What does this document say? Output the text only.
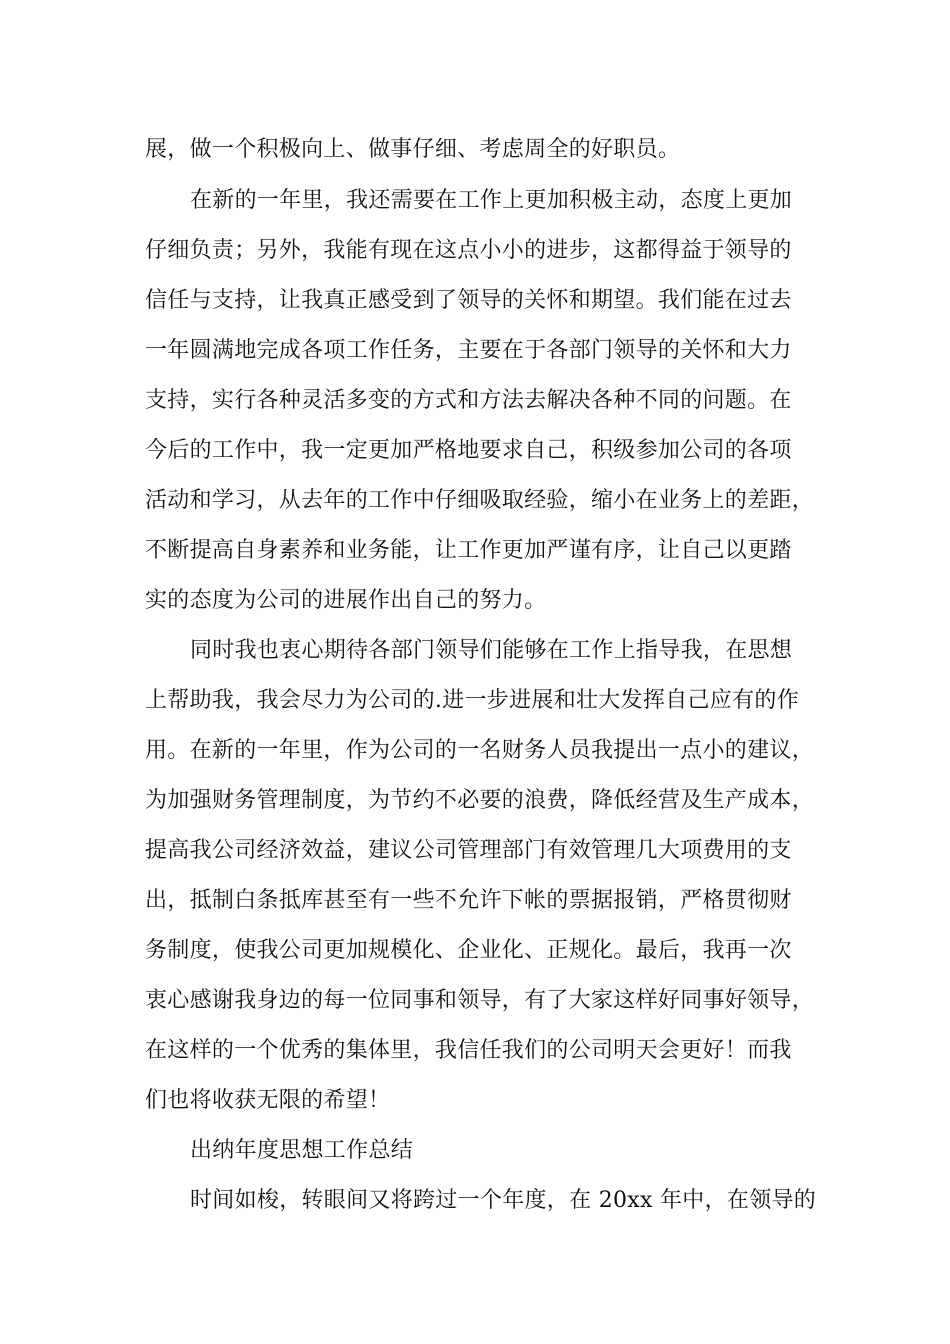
展，做一个积极向上、做事仔细、考虑周全的好职员。
在新的一年里，我还需要在工作上更加积极主动，态度上更加
仔细负责；另外，我能有现在这点小小的进步，这都得益于领导的
信任与支持，让我真正感受到了领导的关怀和期望。我们能在过去
一年圆满地完成各项工作任务，主要在于各部门领导的关怀和大力
支持，实行各种灵活多变的方式和方法去解决各种不同的问题。在
今后的工作中，我一定更加严格地要求自己，积级参加公司的各项
活动和学习，从去年的工作中仔细吸取经验，缩小在业务上的差距，
不断提高自身素养和业务能，让工作更加严谨有序，让自己以更踏
实的态度为公司的进展作出自己的努力。
同时我也衷心期待各部门领导们能够在工作上指导我，在思想
上帮助我，我会尽力为公司的.进一步进展和壮大发挥自己应有的作
用。在新的一年里，作为公司的一名财务人员我提出一点小的建议，
为加强财务管理制度，为节约不必要的浪费，降低经营及生产成本，
提高我公司经济效益，建议公司管理部门有效管理几大项费用的支
出，抵制白条抵库甚至有一些不允许下帐的票据报销，严格贯彻财
务制度，使我公司更加规模化、企业化、正规化。最后，我再一次
衷心感谢我身边的每一位同事和领导，有了大家这样好同事好领导，
在这样的一个优秀的集体里，我信任我们的公司明天会更好！而我
们也将收获无限的希望！
出纳年度思想工作总结
时间如梭，转眼间又将跨过一个年度，在 20xx 年中，在领导的
